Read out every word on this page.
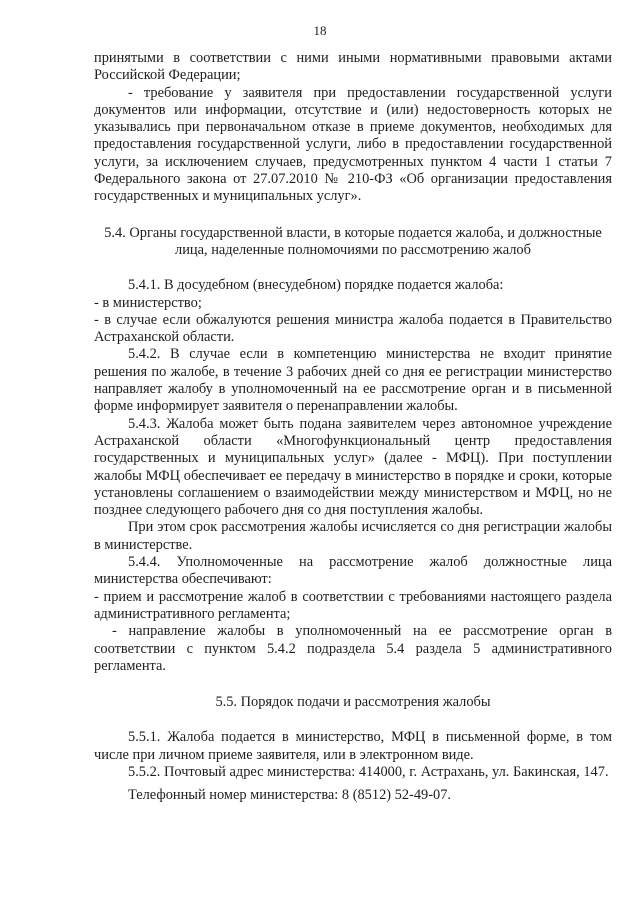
18

принятыми в соответствии с ними иными нормативными правовыми актами Российской Федерации;

- требование у заявителя при предоставлении государственной услуги документов или информации, отсутствие и (или) недостоверность которых не указывались при первоначальном отказе в приеме документов, необходимых для предоставления государственной услуги, либо в предоставлении государственной услуги, за исключением случаев, предусмотренных пунктом 4 части 1 статьи 7 Федерального закона от 27.07.2010 № 210-ФЗ «Об организации предоставления государственных и муниципальных услуг».

5.4. Органы государственной власти, в которые подается жалоба, и должностные лица, наделенные полномочиями по рассмотрению жалоб

5.4.1. В досудебном (внесудебном) порядке подается жалоба:

- в министерство;

- в случае если обжалуются решения министра жалоба подается в Правительство Астраханской области.

5.4.2. В случае если в компетенцию министерства не входит принятие решения по жалобе, в течение 3 рабочих дней со дня ее регистрации министерство направляет жалобу в уполномоченный на ее рассмотрение орган и в письменной форме информирует заявителя о перенаправлении жалобы.

5.4.3. Жалоба может быть подана заявителем через автономное учреждение Астраханской области «Многофункциональный центр предоставления государственных и муниципальных услуг» (далее - МФЦ). При поступлении жалобы МФЦ обеспечивает ее передачу в министерство в порядке и сроки, которые установлены соглашением о взаимодействии между министерством и МФЦ, но не позднее следующего рабочего дня со дня поступления жалобы.

При этом срок рассмотрения жалобы исчисляется со дня регистрации жалобы в министерстве.

5.4.4. Уполномоченные на рассмотрение жалоб должностные лица министерства обеспечивают:

- прием и рассмотрение жалоб в соответствии с требованиями настоящего раздела административного регламента;

- направление жалобы в уполномоченный на ее рассмотрение орган в соответствии с пунктом 5.4.2 подраздела 5.4 раздела 5 административного регламента.

5.5. Порядок подачи и рассмотрения жалобы

5.5.1. Жалоба подается в министерство, МФЦ в письменной форме, в том числе при личном приеме заявителя, или в электронном виде.

5.5.2. Почтовый адрес министерства: 414000, г. Астрахань, ул. Бакинская, 147.

Телефонный номер министерства: 8 (8512) 52-49-07.
